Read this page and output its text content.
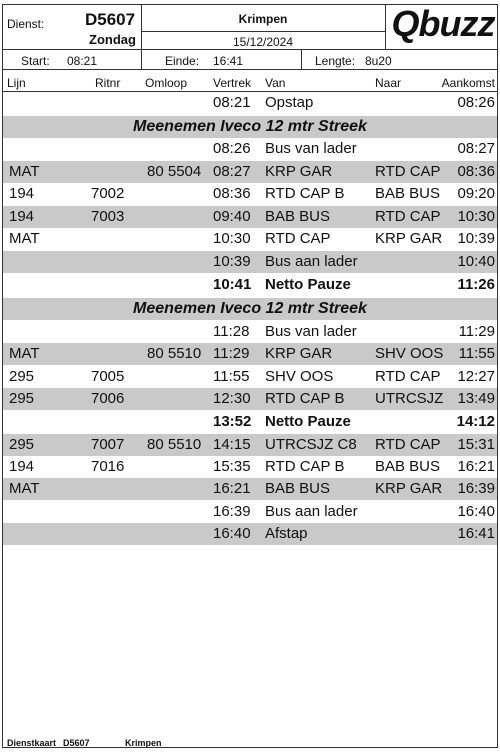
Dienst: D5607
Zondag
Krimpen
15/12/2024	Qbuzz
Start: 08:21	Einde: 16:41	Lengte: 8u20
Lijn	Ritnr Omloop Vertrek Van	Naar	Aankomst
08:21 Opstap	08:26
Meenemen Iveco 12 mtr Streek
08:26 Bus van lader	08:27
MAT	80 5504 08:27 KRP GAR	RTD CAP	08:36
194	7002	08:36 RTD CAP B	BAB BUS	09:20
194	7003	09:40 BAB BUS	RTD CAP	10:30
MAT	10:30 RTD CAP	KRP GAR	10:39
10:39 Bus aan lader	10:40
10:41 Netto Pauze	11:26
Meenemen Iveco 12 mtr Streek
11:28	Bus van lader	11:29
MAT	80 5510 11:29	KRP GAR	SHV OOS	11:55
295	7005	11:55	SHV OOS	RTD CAP	12:27
295	7006	12:30 RTD CAP B	UTRCSJZ 13:49
13:52 Netto Pauze	14:12
295	7007	80 5510 14:15 UTRCSJZ C8	RTD CAP	15:31
194	7016	15:35 RTD CAP B	BAB BUS	16:21
MAT	16:21 BAB BUS	KRP GAR	16:39
16:39 Bus aan lader	16:40
16:40 Afstap	16:41
Dienstkaart D5607	Krimpen
